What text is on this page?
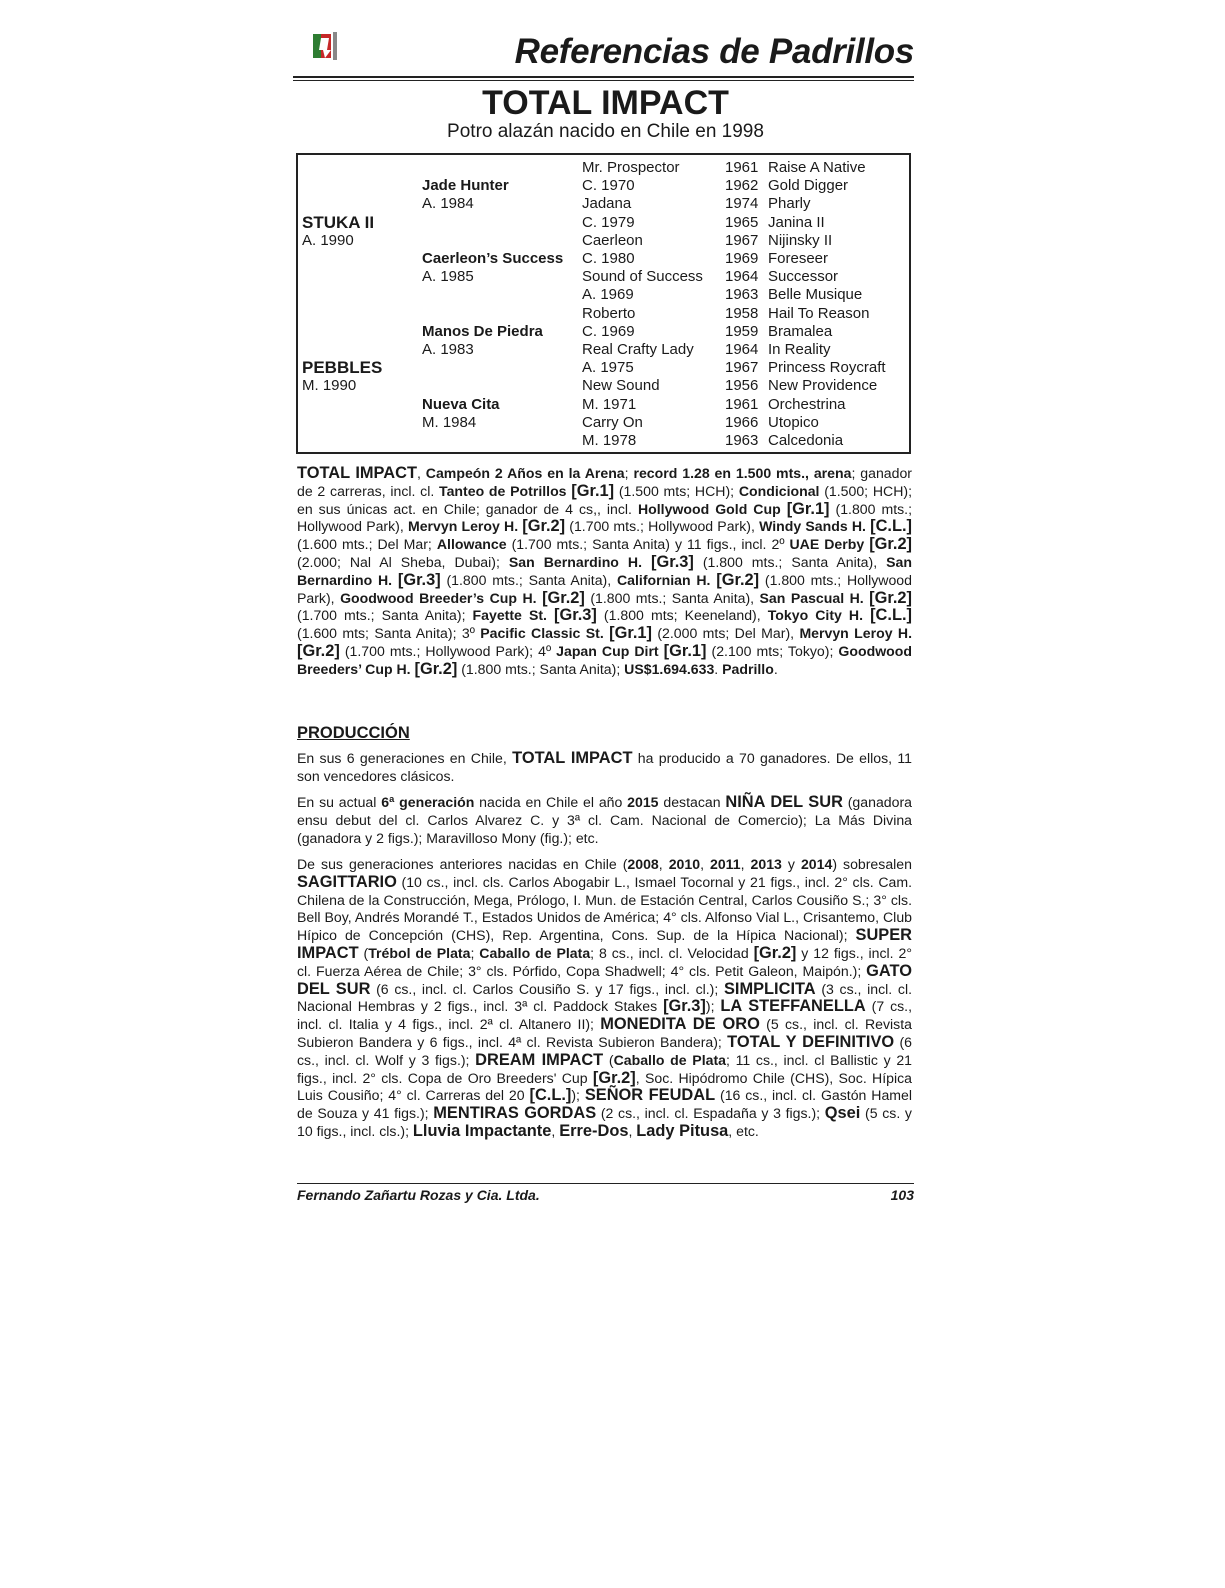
Referencias de Padrillos
TOTAL IMPACT
Potro alazán nacido en Chile en 1998
STUKA II
A. 1990
PEBBLES
M. 1990
Jade Hunter
A. 1984
Caerleon’s Success
A. 1985
Manos De Piedra
A. 1983
Nueva Cita
M. 1984
Mr. Prospector
C. 1970
Jadana
C. 1979
Caerleon
C. 1980
Sound of Success
A. 1969
Roberto
C. 1969
Real Crafty Lady
A. 1975
New Sound
M. 1971
Carry On
M. 1978
1961 Raise A Native
1962 Gold Digger
1974 Pharly
1965 Janina II
1967 Nijinsky II
1969 Foreseer
1964 Successor
1963 Belle Musique
1958 Hail To Reason
1959 Bramalea
1964 In Reality
1967 Princess Roycraft
1956 New Providence
1961 Orchestrina
1966 Utopico
1963 Calcedonia
TOTAL IMPACT, Campeón 2 Años en la Arena; record 1.28 en 1.500 mts., arena; ganador de 2 carreras, incl. cl. Tanteo de Potrillos [Gr.1] (1.500 mts; HCH); Condicional (1.500; HCH); en sus únicas act. en Chile; ganador de 4 cs,, incl. Hollywood Gold Cup [Gr.1] (1.800 mts.; Hollywood Park), Mervyn Leroy H. [Gr.2] (1.700 mts.; Hollywood Park), Windy Sands H. [C.L.] (1.600 mts.; Del Mar; Allowance (1.700 mts.; Santa Anita) y 11 figs., incl. 2º UAE Derby [Gr.2] (2.000; Nal Al Sheba, Dubai); San Bernardino H. [Gr.3] (1.800 mts.; Santa Anita), San Bernardino H. [Gr.3] (1.800 mts.; Santa Anita), Californian H. [Gr.2] (1.800 mts.; Hollywood Park), Goodwood Breeder’s Cup H. [Gr.2] (1.800 mts.; Santa Anita), San Pascual H. [Gr.2] (1.700 mts.; Santa Anita); Fayette St. [Gr.3] (1.800 mts; Keeneland), Tokyo City H. [C.L.] (1.600 mts; Santa Anita); 3º Pacific Classic St. [Gr.1] (2.000 mts; Del Mar), Mervyn Leroy H. [Gr.2] (1.700 mts.; Hollywood Park); 4º Japan Cup Dirt [Gr.1] (2.100 mts; Tokyo); Goodwood Breeders’ Cup H. [Gr.2] (1.800 mts.; Santa Anita); US$1.694.633. Padrillo.
PRODUCCIÓN
En sus 6 generaciones en Chile, TOTAL IMPACT ha producido a 70 ganadores. De ellos, 11 son vencedores clásicos.
En su actual 6ª generación nacida en Chile el año 2015 destacan NIÑA DEL SUR (ganadora ensu debut del cl. Carlos Alvarez C. y 3ª cl. Cam. Nacional de Comercio); La Más Divina (ganadora y 2 figs.); Maravilloso Mony (fig.); etc.
De sus generaciones anteriores nacidas en Chile (2008, 2010, 2011, 2013 y 2014) sobresalen SAGITTARIO (10 cs., incl. cls. Carlos Abogabir L., Ismael Tocornal y 21 figs., incl. 2° cls. Cam. Chilena de la Construcción, Mega, Prólogo, I. Mun. de Estación Central, Carlos Cousiño S.; 3° cls. Bell Boy, Andrés Morandé T., Estados Unidos de América; 4° cls. Alfonso Vial L., Crisantemo, Club Hípico de Concepción (CHS), Rep. Argentina, Cons. Sup. de la Hípica Nacional); SUPER IMPACT (Trébol de Plata; Caballo de Plata; 8 cs., incl. cl. Velocidad [Gr.2] y 12 figs., incl. 2° cl. Fuerza Aérea de Chile; 3° cls. Pórfido, Copa Shadwell; 4° cls. Petit Galeon, Maipón.); GATO DEL SUR (6 cs., incl. cl. Carlos Cousiño S. y 17 figs., incl. cl.); SIMPLICITA (3 cs., incl. cl. Nacional Hembras y 2 figs., incl. 3ª cl. Paddock Stakes [Gr.3]); LA STEFFANELLA (7 cs., incl. cl. Italia y 4 figs., incl. 2ª cl. Altanero II); MONEDITA DE ORO (5 cs., incl. cl. Revista Subieron Bandera y 6 figs., incl. 4ª cl. Revista Subieron Bandera); TOTAL Y DEFINITIVO (6 cs., incl. cl. Wolf y 3 figs.); DREAM IMPACT (Caballo de Plata; 11 cs., incl. cl Ballistic y 21 figs., incl. 2° cls. Copa de Oro Breeders' Cup [Gr.2], Soc. Hipódromo Chile (CHS), Soc. Hípica Luis Cousiño; 4° cl. Carreras del 20 [C.L.]); SEÑOR FEUDAL (16 cs., incl. cl. Gastón Hamel de Souza y 41 figs.); MENTIRAS GORDAS (2 cs., incl. cl. Espadaña y 3 figs.); Qsei (5 cs. y 10 figs., incl. cls.); Lluvia Impactante, Erre-Dos, Lady Pitusa, etc.
Fernando Zañartu Rozas y Cia. Ltda.	103
